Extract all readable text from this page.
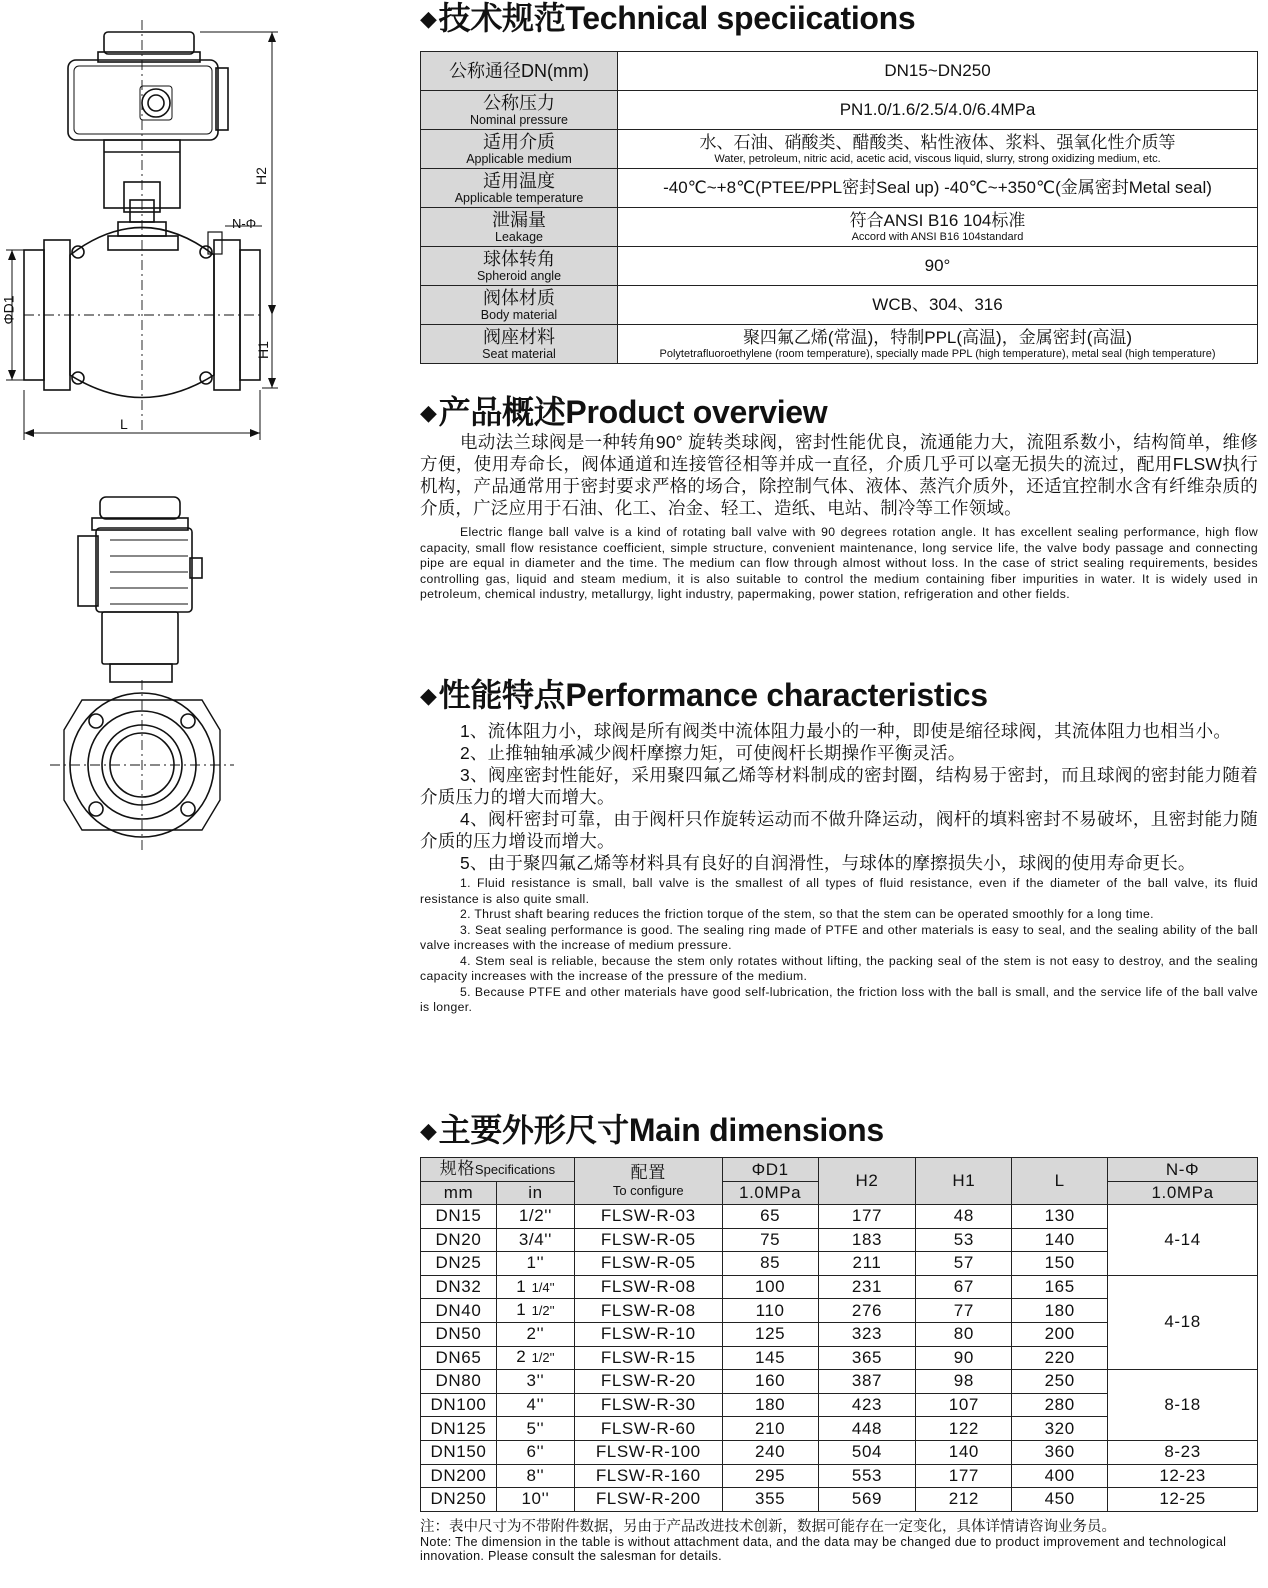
H2
H1
ΦD1
N-Φ
L
◆技术规范Technical speciications
公称通径DN(mm)	DN15~DN250

公称压力
Nominal pressure	PN1.0/1.6/2.5/4.0/6.4MPa

适用介质
Applicable medium	水、石油、硝酸类、醋酸类、粘性液体、浆料、强氧化性介质等
Water, petroleum, nitric acid, acetic acid, viscous liquid, slurry, strong oxidizing medium, etc.

适用温度
Applicable temperature	-40℃~+8℃(PTEE/PPL密封Seal up) -40℃~+350℃(金属密封Metal seal)

泄漏量
Leakage	符合ANSI B16 104标准
Accord with ANSI B16 104standard

球体转角
Spheroid angle	90°

阀体材质
Body material	WCB、304、316

阀座材料
Seat material	聚四氟乙烯(常温)，特制PPL(高温)，金属密封(高温)
Polytetrafluoroethylene (room temperature), specially made PPL (high temperature), metal seal (high temperature)
◆产品概述Product overview

电动法兰球阀是一种转角90° 旋转类球阀，密封性能优良，流通能力大，流阻系数小，结构简单，维修方便，使用寿命长，阀体通道和连接管径相等并成一直径，介质几乎可以毫无损失的流过，配用FLSW执行机构，产品通常用于密封要求严格的场合，除控制气体、液体、蒸汽介质外，还适宜控制水含有纤维杂质的介质，广泛应用于石油、化工、冶金、轻工、造纸、电站、制冷等工作领域。

Electric flange ball valve is a kind of rotating ball valve with 90 degrees rotation angle. It has excellent sealing performance, high flow capacity, small flow resistance coefficient, simple structure, convenient maintenance, long service life, the valve body passage and connecting pipe are equal in diameter and the time. The medium can flow through almost without loss. In the case of strict sealing requirements, besides controlling gas, liquid and steam medium, it is also suitable to control the medium containing fiber impurities in water. It is widely used in petroleum, chemical industry, metallurgy, light industry, papermaking, power station, refrigeration and other fields.

◆性能特点Performance characteristics

1、流体阻力小，球阀是所有阀类中流体阻力最小的一种，即使是缩径球阀，其流体阻力也相当小。

2、止推轴轴承减少阀杆摩擦力矩，可使阀杆长期操作平衡灵活。

3、阀座密封性能好，采用聚四氟乙烯等材料制成的密封圈，结构易于密封，而且球阀的密封能力随着介质压力的增大而增大。

4、阀杆密封可靠，由于阀杆只作旋转运动而不做升降运动，阀杆的填料密封不易破坏，且密封能力随介质的压力增设而增大。

5、由于聚四氟乙烯等材料具有良好的自润滑性，与球体的摩擦损失小，球阀的使用寿命更长。

1. Fluid resistance is small, ball valve is the smallest of all types of fluid resistance, even if the diameter of the ball valve, its fluid resistance is also quite small.

2. Thrust shaft bearing reduces the friction torque of the stem, so that the stem can be operated smoothly for a long time.

3. Seat sealing performance is good. The sealing ring made of PTFE and other materials is easy to seal, and the sealing ability of the ball valve increases with the increase of medium pressure.

4. Stem seal is reliable, because the stem only rotates without lifting, the packing seal of the stem is not easy to destroy, and the sealing capacity increases with the increase of the pressure of the medium.

5. Because PTFE and other materials have good self-lubrication, the friction loss with the ball is small, and the service life of the ball valve is longer.

◆主要外形尺寸Main dimensions
规格Specifications		配置
To configure	ΦD1	H2	H1	L	N-Φ
mm	in		1.0MPa				1.0MPa
DN15	1/2''	FLSW-R-03	65	177	48	130	4-14
DN20	3/4''	FLSW-R-05	75	183	53	140	
DN25	1''	FLSW-R-05	85	211	57	150	
DN32	1 1/4''	FLSW-R-08	100	231	67	165	4-18
DN40	1 1/2''	FLSW-R-08	110	276	77	180	
DN50	2''	FLSW-R-10	125	323	80	200	
DN65	2 1/2''	FLSW-R-15	145	365	90	220	
DN80	3''	FLSW-R-20	160	387	98	250	8-18
DN100	4''	FLSW-R-30	180	423	107	280	
DN125	5''	FLSW-R-60	210	448	122	320	
DN150	6''	FLSW-R-100	240	504	140	360	8-23
DN200	8''	FLSW-R-160	295	553	177	400	12-23
DN250	10''	FLSW-R-200	355	569	212	450	12-25

注：表中尺寸为不带附件数据，另由于产品改进技术创新，数据可能存在一定变化，具体详情请咨询业务员。

Note: The dimension in the table is without attachment data, and the data may be changed due to product improvement and technological innovation. Please consult the salesman for details.
